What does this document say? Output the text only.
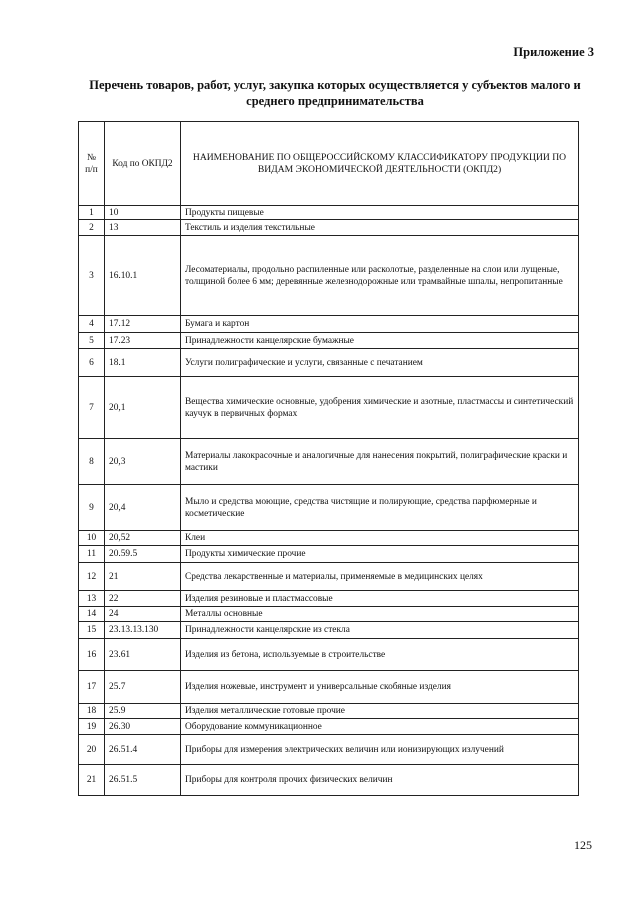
Приложение 3
Перечень товаров, работ, услуг, закупка которых осуществляется у субъектов малого и среднего предпринимательства
№ п/п	Код по ОКПД2	НАИМЕНОВАНИЕ ПО ОБЩЕРОССИЙСКОМУ КЛАССИФИКАТОРУ ПРОДУКЦИИ ПО ВИДАМ ЭКОНОМИЧЕСКОЙ ДЕЯТЕЛЬНОСТИ (ОКПД2)
1	10	Продукты пищевые
2	13	Текстиль и изделия текстильные
3	16.10.1	Лесоматериалы, продольно распиленные или расколотые, разделенные на слои или лущеные, толщиной более 6 мм; деревянные железнодорожные или трамвайные шпалы, непропитанные
4	17.12	Бумага и картон
5	17.23	Принадлежности канцелярские бумажные
6	18.1	Услуги полиграфические и услуги, связанные с печатанием
7	20,1	Вещества химические основные, удобрения химические и азотные, пластмассы и синтетический каучук в первичных формах
8	20,3	Материалы лакокрасочные и аналогичные для нанесения покрытий, полиграфические краски и мастики
9	20,4	Мыло и средства моющие, средства чистящие и полирующие, средства парфюмерные и косметические
10	20,52	Клеи
11	20.59.5	Продукты химические прочие
12	21	Средства лекарственные и материалы, применяемые в медицинских целях
13	22	Изделия резиновые и пластмассовые
14	24	Металлы основные
15	23.13.13.130	Принадлежности канцелярские из стекла
16	23.61	Изделия из бетона, используемые в строительстве
17	25.7	Изделия ножевые, инструмент и универсальные скобяные изделия
18	25.9	Изделия металлические готовые прочие
19	26.30	Оборудование коммуникационное
20	26.51.4	Приборы для измерения электрических величин или ионизирующих излучений
21	26.51.5	Приборы для контроля прочих физических величин
125
